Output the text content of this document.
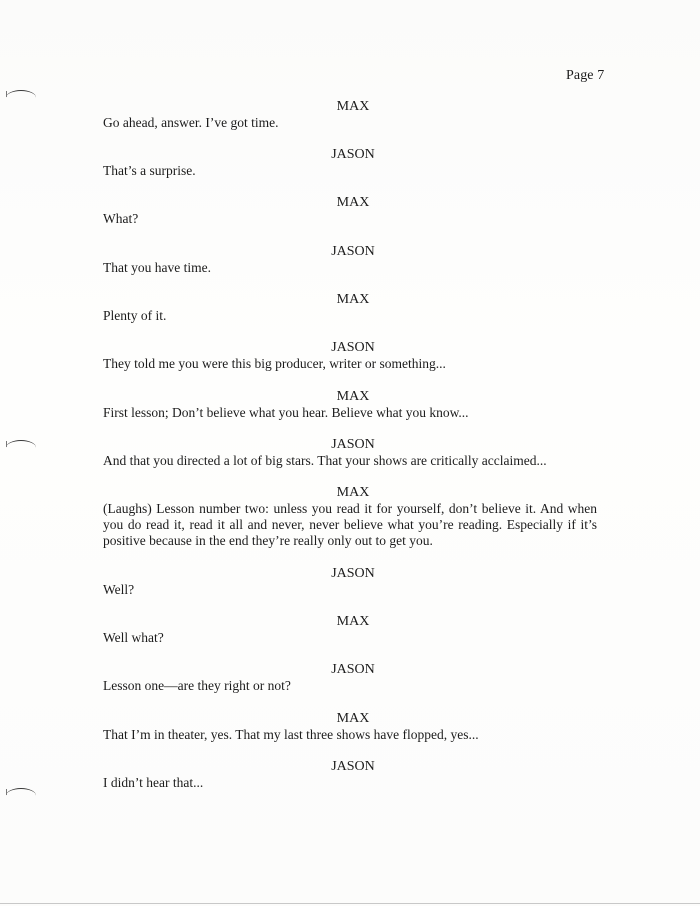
Page 7
MAX
Go ahead, answer. I’ve got time.
JASON
That’s a surprise.
MAX
What?
JASON
That you have time.
MAX
Plenty of it.
JASON
They told me you were this big producer, writer or something...
MAX
First lesson; Don’t believe what you hear. Believe what you know...
JASON
And that you directed a lot of big stars. That your shows are critically acclaimed...
MAX
(Laughs) Lesson number two: unless you read it for yourself, don’t believe it. And when you do read it, read it all and never, never believe what you’re reading. Especially if it’s positive because in the end they’re really only out to get you.
JASON
Well?
MAX
Well what?
JASON
Lesson one—are they right or not?
MAX
That I’m in theater, yes. That my last three shows have flopped, yes...
JASON
I didn’t hear that...
